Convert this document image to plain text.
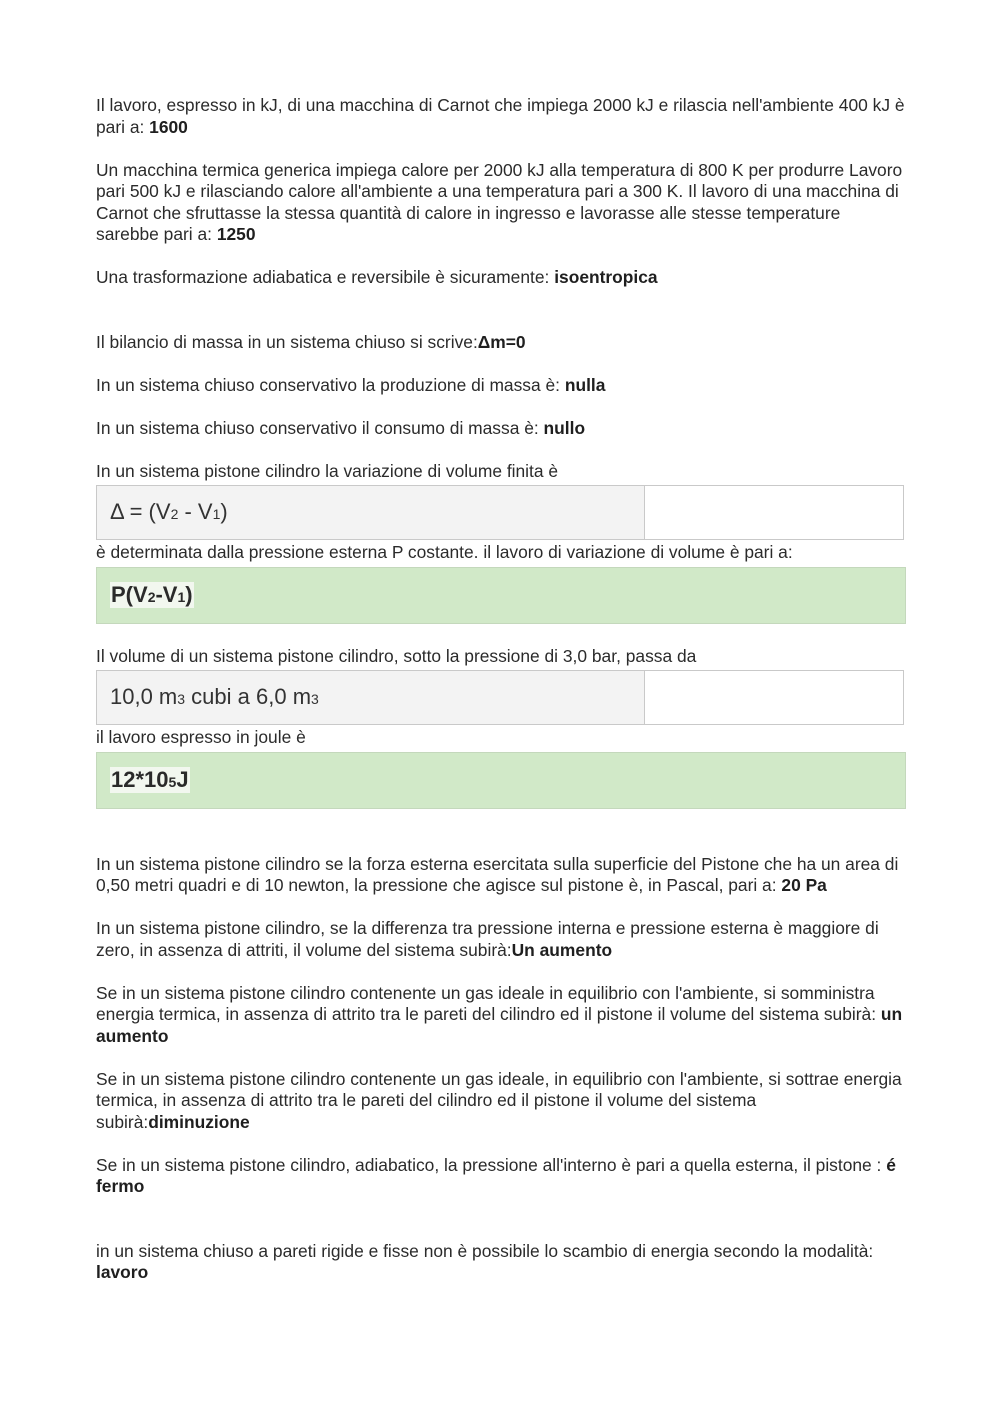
Il lavoro, espresso in kJ, di una macchina di Carnot che impiega 2000 kJ e rilascia nell'ambiente 400 kJ è pari a: 1600

Un macchina termica generica impiega calore per 2000 kJ alla temperatura di 800 K per produrre Lavoro pari 500 kJ e rilasciando calore all'ambiente a una temperatura pari a 300 K. Il lavoro di una macchina di Carnot che sfruttasse la stessa quantità di calore in ingresso e lavorasse alle stesse temperature sarebbe pari a: 1250

Una trasformazione adiabatica e reversibile è sicuramente: isoentropica

Il bilancio di massa in un sistema chiuso si scrive:Δm=0

In un sistema chiuso conservativo la produzione di massa è: nulla

In un sistema chiuso conservativo il consumo di massa è: nullo

In un sistema pistone cilindro la variazione di volume finita è

Δ = (V2 - V1)

è determinata dalla pressione esterna P costante. il lavoro di variazione di volume è pari a:

P(V2-V1)

Il volume di un sistema pistone cilindro, sotto la pressione di 3,0 bar, passa da

10,0 m3 cubi a 6,0 m3

il lavoro espresso in joule è

12*105J

In un sistema pistone cilindro se la forza esterna esercitata sulla superficie del Pistone che ha un area di 0,50 metri quadri e di 10 newton, la pressione che agisce sul pistone è, in Pascal, pari a: 20 Pa

In un sistema pistone cilindro, se la differenza tra pressione interna e pressione esterna è maggiore di zero, in assenza di attriti, il volume del sistema subirà:Un aumento

Se in un sistema pistone cilindro contenente un gas ideale in equilibrio con l'ambiente, si somministra energia termica, in assenza di attrito tra le pareti del cilindro ed il pistone il volume del sistema subirà: un aumento

Se in un sistema pistone cilindro contenente un gas ideale, in equilibrio con l'ambiente, si sottrae energia termica, in assenza di attrito tra le pareti del cilindro ed il pistone il volume del sistema subirà:diminuzione

Se in un sistema pistone cilindro, adiabatico, la pressione all'interno è pari a quella esterna, il pistone : é fermo

in un sistema chiuso a pareti rigide e fisse non è possibile lo scambio di energia secondo la modalità: lavoro
